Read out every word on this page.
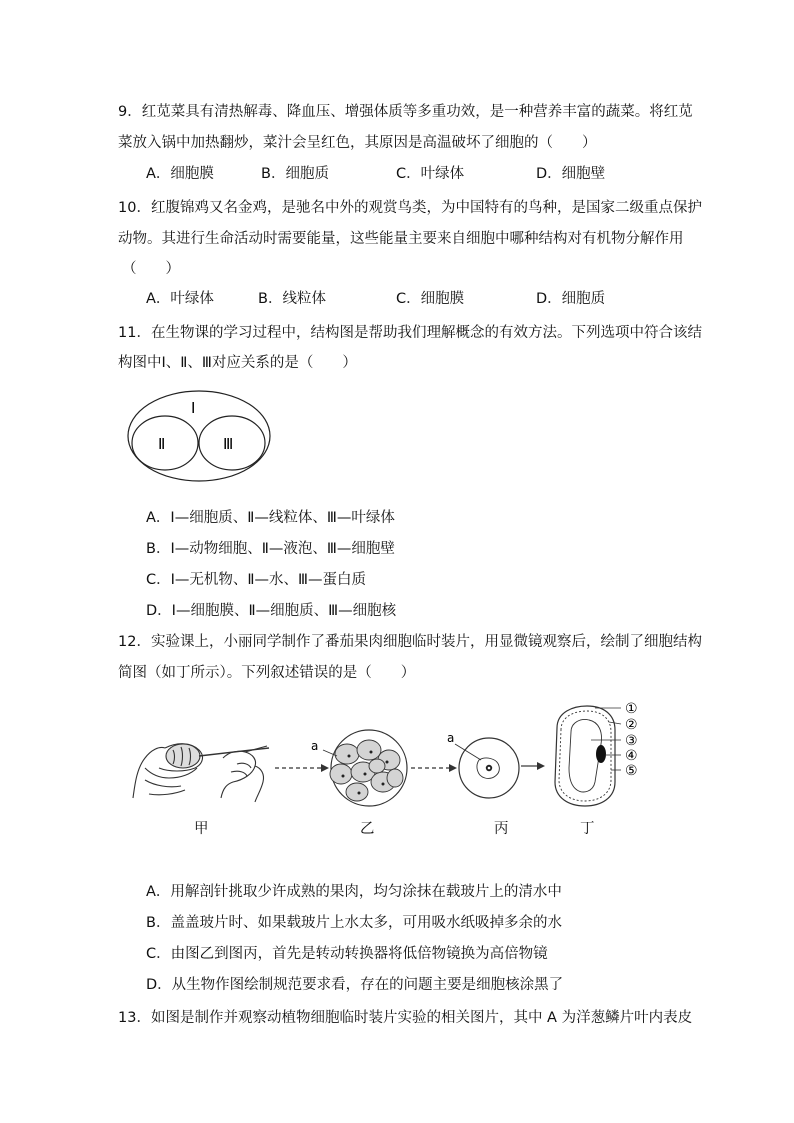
9．红苋菜具有清热解毒、降血压、增强体质等多重功效，是一种营养丰富的蔬菜。将红苋
菜放入锅中加热翻炒，菜汁会呈红色，其原因是高温破坏了细胞的（　　）
A．细胞膜	B．细胞质	C．叶绿体	D．细胞壁
10．红腹锦鸡又名金鸡，是驰名中外的观赏鸟类，为中国特有的鸟种，是国家二级重点保护
动物。其进行生命活动时需要能量，这些能量主要来自细胞中哪种结构对有机物分解作用
（　　）
A．叶绿体	B．线粒体	C．细胞膜	D．细胞质
11．在生物课的学习过程中，结构图是帮助我们理解概念的有效方法。下列选项中符合该结
构图中Ⅰ、Ⅱ、Ⅲ对应关系的是（　　）
Ⅰ
Ⅱ	Ⅲ
A．Ⅰ—细胞质、Ⅱ—线粒体、Ⅲ—叶绿体
B．Ⅰ—动物细胞、Ⅱ—液泡、Ⅲ—细胞壁
C．Ⅰ—无机物、Ⅱ—水、Ⅲ—蛋白质
D．Ⅰ—细胞膜、Ⅱ—细胞质、Ⅲ—细胞核
12．实验课上，小丽同学制作了番茄果肉细胞临时装片，用显微镜观察后，绘制了细胞结构
简图（如丁所示）。下列叙述错误的是（　　）
a
a
①
②
③
④
⑤
甲	乙	丙	丁
A．用解剖针挑取少许成熟的果肉，均匀涂抹在载玻片上的清水中
B．盖盖玻片时、如果载玻片上水太多，可用吸水纸吸掉多余的水
C．由图乙到图丙，首先是转动转换器将低倍物镜换为高倍物镜
D．从生物作图绘制规范要求看，存在的问题主要是细胞核涂黑了
13．如图是制作并观察动植物细胞临时装片实验的相关图片，其中 A 为洋葱鳞片叶内表皮
